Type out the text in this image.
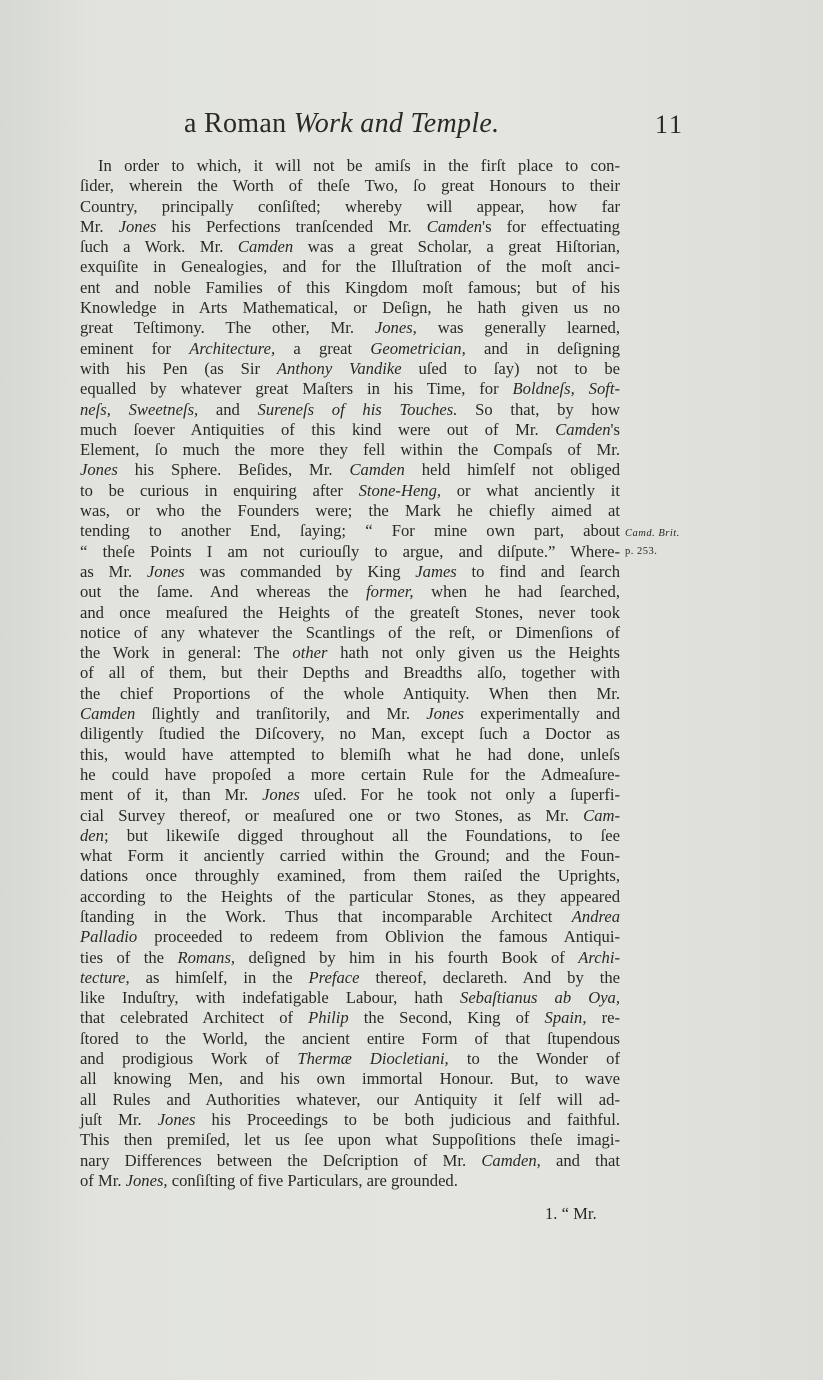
a Roman Work and Temple.	11
In order to which, it will not be amiſs in the firſt place to con-
ſider, wherein the Worth of theſe Two, ſo great Honours to their
Country, principally conſiſted; whereby will appear, how far
Mr. Jones his Perfections tranſcended Mr. Camden's for effectuating
ſuch a Work. Mr. Camden was a great Scholar, a great Hiſtorian,
exquiſite in Genealogies, and for the Illuſtration of the moſt anci-
ent and noble Families of this Kingdom moſt famous; but of his
Knowledge in Arts Mathematical, or Deſign, he hath given us no
great Teſtimony. The other, Mr. Jones, was generally learned,
eminent for Architecture, a great Geometrician, and in deſigning
with his Pen (as Sir Anthony Vandike uſed to ſay) not to be
equalled by whatever great Maſters in his Time, for Boldneſs, Soft-
neſs, Sweetneſs, and Sureneſs of his Touches. So that, by how
much ſoever Antiquities of this kind were out of Mr. Camden's
Element, ſo much the more they fell within the Compaſs of Mr.
Jones his Sphere. Beſides, Mr. Camden held himſelf not obliged
to be curious in enquiring after Stone-Heng, or what anciently it
was, or who the Founders were; the Mark he chiefly aimed at
tending to another End, ſaying; “ For mine own part, about
“ theſe Points I am not curiouſly to argue, and diſpute.” Where-
as Mr. Jones was commanded by King James to find and ſearch
out the ſame. And whereas the former, when he had ſearched,
and once meaſured the Heights of the greateſt Stones, never took
notice of any whatever the Scantlings of the reſt, or Dimenſions of
the Work in general: The other hath not only given us the Heights
of all of them, but their Depths and Breadths alſo, together with
the chief Proportions of the whole Antiquity. When then Mr.
Camden ſlightly and tranſitorily, and Mr. Jones experimentally and
diligently ſtudied the Diſcovery, no Man, except ſuch a Doctor as
this, would have attempted to blemiſh what he had done, unleſs
he could have propoſed a more certain Rule for the Admeaſure-
ment of it, than Mr. Jones uſed. For he took not only a ſuperfi-
cial Survey thereof, or meaſured one or two Stones, as Mr. Cam-
den; but likewiſe digged throughout all the Foundations, to ſee
what Form it anciently carried within the Ground; and the Foun-
dations once throughly examined, from them raiſed the Uprights,
according to the Heights of the particular Stones, as they appeared
ſtanding in the Work. Thus that incomparable Architect Andrea
Palladio proceeded to redeem from Oblivion the famous Antiqui-
ties of the Romans, deſigned by him in his fourth Book of Archi-
tecture, as himſelf, in the Preface thereof, declareth. And by the
like Induſtry, with indefatigable Labour, hath Sebaſtianus ab Oya,
that celebrated Architect of Philip the Second, King of Spain, re-
ſtored to the World, the ancient entire Form of that ſtupendous
and prodigious Work of Thermæ Diocletiani, to the Wonder of
all knowing Men, and his own immortal Honour. But, to wave
all Rules and Authorities whatever, our Antiquity it ſelf will ad-
juſt Mr. Jones his Proceedings to be both judicious and faithful.
This then premiſed, let us ſee upon what Suppoſitions theſe imagi-
nary Differences between the Deſcription of Mr. Camden, and that
of Mr. Jones, conſiſting of five Particulars, are grounded.
Camd. Brit.
p. 253.
1. “ Mr.
